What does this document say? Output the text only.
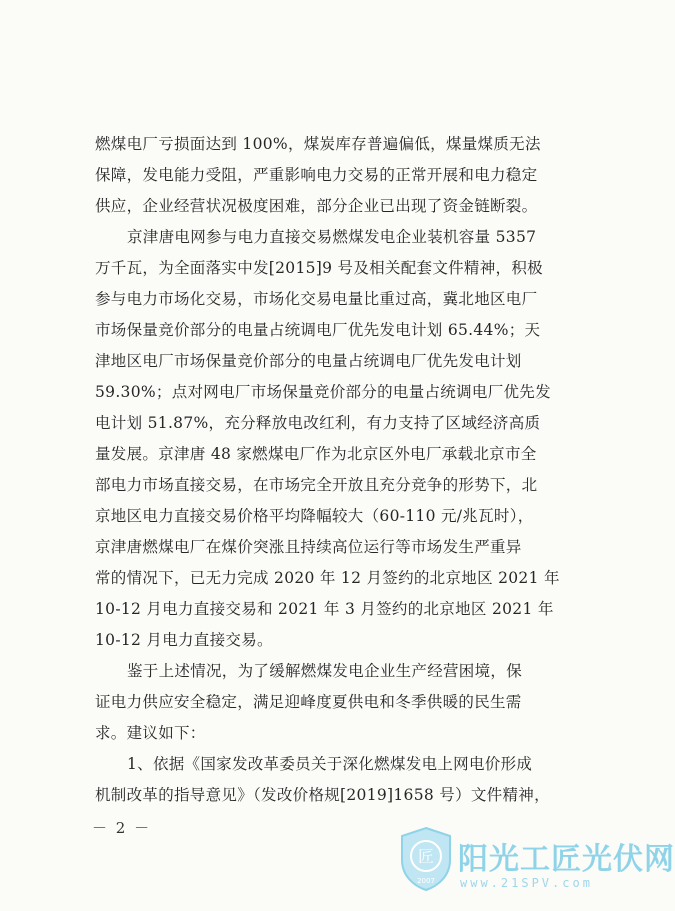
燃煤电厂亏损面达到 100%，煤炭库存普遍偏低，煤量煤质无法
保障，发电能力受阻，严重影响电力交易的正常开展和电力稳定
供应，企业经营状况极度困难，部分企业已出现了资金链断裂。
京津唐电网参与电力直接交易燃煤发电企业装机容量 5357
万千瓦，为全面落实中发[2015]9 号及相关配套文件精神，积极
参与电力市场化交易，市场化交易电量比重过高，冀北地区电厂
市场保量竞价部分的电量占统调电厂优先发电计划 65.44%；天
津地区电厂市场保量竞价部分的电量占统调电厂优先发电计划
59.30%；点对网电厂市场保量竞价部分的电量占统调电厂优先发
电计划 51.87%，充分释放电改红利，有力支持了区域经济高质
量发展。京津唐 48 家燃煤电厂作为北京区外电厂承载北京市全
部电力市场直接交易，在市场完全开放且充分竞争的形势下，北
京地区电力直接交易价格平均降幅较大（60-110 元/兆瓦时），
京津唐燃煤电厂在煤价突涨且持续高位运行等市场发生严重异
常的情况下，已无力完成 2020 年 12 月签约的北京地区 2021 年
10-12 月电力直接交易和 2021 年 3 月签约的北京地区 2021 年
10-12 月电力直接交易。
鉴于上述情况，为了缓解燃煤发电企业生产经营困境，保
证电力供应安全稳定，满足迎峰度夏供电和冬季供暖的民生需
求。建议如下：
1、依据《国家发改革委员关于深化燃煤发电上网电价形成
机制改革的指导意见》（发改价格规[2019]1658 号）文件精神，
－ 2 －
匠
2007
阳光工匠光伏网
www.21SPV.com
